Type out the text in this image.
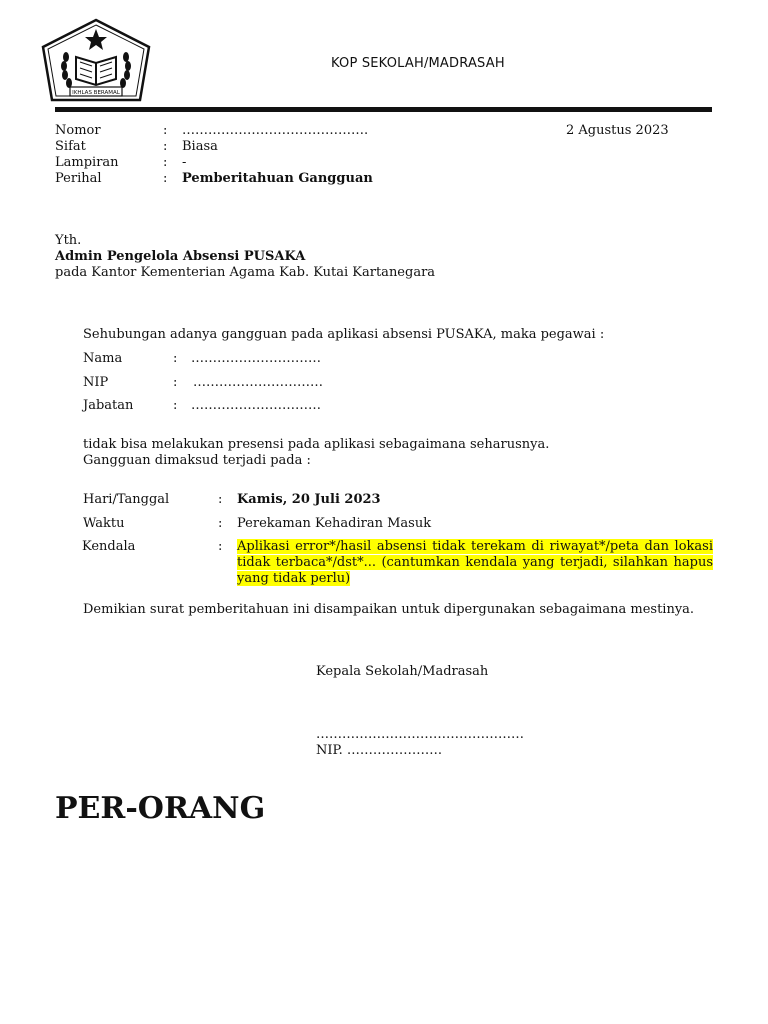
IKHLAS BERAMAL
KOP SEKOLAH/MADRASAH
Nomor	: …………………………………….	2 Agustus 2023
Sifat	: Biasa
Lampiran	: -
Perihal	: Pemberitahuan Gangguan
Yth.
Admin Pengelola Absensi PUSAKA
pada Kantor Kementerian Agama Kab. Kutai Kartanegara
Sehubungan adanya gangguan pada aplikasi absensi PUSAKA, maka pegawai :
Nama	: …………………………
NIP	: …………………………
Jabatan	: …………………………
tidak bisa melakukan presensi pada aplikasi sebagaimana seharusnya.
Gangguan dimaksud terjadi pada :
Hari/Tanggal	: Kamis, 20 Juli 2023
Waktu	: Perekaman Kehadiran Masuk
Kendala	: Aplikasi error*/hasil absensi tidak terekam di riwayat*/peta dan lokasi tidak terbaca*/dst*... (cantumkan kendala yang terjadi, silahkan hapus yang tidak perlu)
Demikian surat pemberitahuan ini disampaikan untuk dipergunakan sebagaimana mestinya.
Kepala Sekolah/Madrasah
…………………………………………
NIP. ………………….
PER-ORANG
